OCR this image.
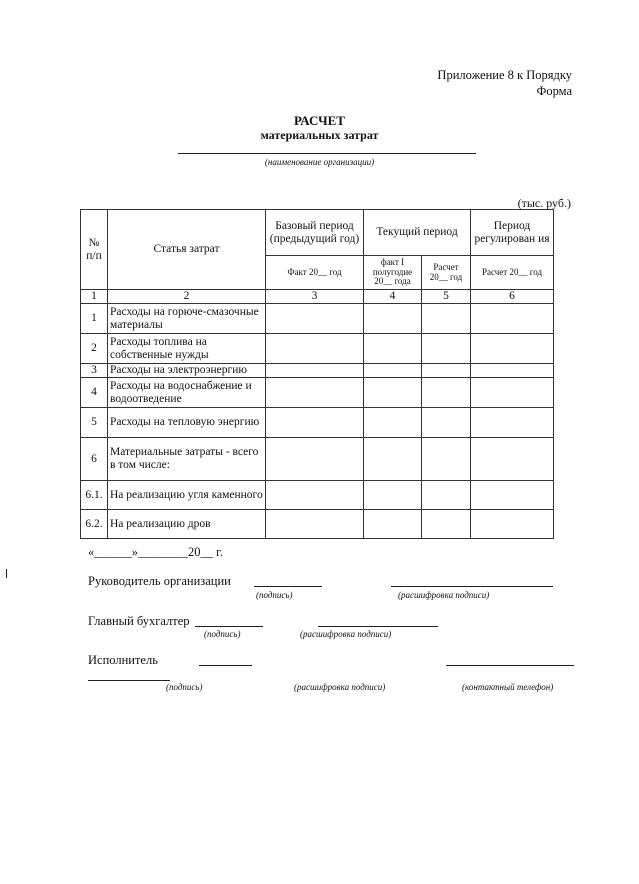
Приложение 8 к Порядку
Форма
РАСЧЕТ
материальных затрат
(наименование организации)
(тыс. руб.)
№ п/п	Статья затрат	Базовый период (предыдущий год)	Текущий период		Период регулирован ия
		Факт 20__ год	факт I полугодие 20__ года	Расчет 20__ год	Расчет 20__ год
1	2	3	4	5	6
1	Расходы на горюче-смазочные материалы				
2	Расходы топлива на собственные нужды				
3	Расходы на электроэнергию				
4	Расходы на водоснабжение и водоотведение				
5	Расходы на тепловую энергию				
6	Материальные затраты - всего в том числе:				
6.1.	На реализацию угля каменного				
6.2.	На реализацию дров				
«______»________20__ г.
Руководитель организации
(подпись)	(расшифровка подписи)
Главный бухгалтер
(подпись)	(расшифровка подписи)
Исполнитель
(подпись)	(расшифровка подписи)	(контактный телефон)
